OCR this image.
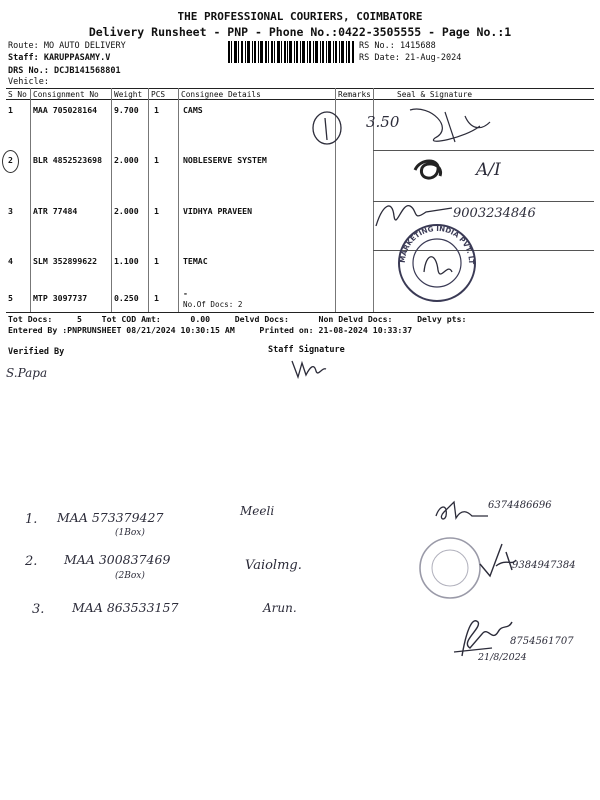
THE PROFESSIONAL COURIERS, COIMBATORE
Delivery Runsheet - PNP - Phone No.:0422-3505555 - Page No.:1
Route: MO AUTO DELIVERY
Staff: KARUPPASAMY.V
DRS No.: DCJB141568801
Vehicle:
RS No.: 1415688
RS Date: 21-Aug-2024
S No Consignment No Weight PCS Consignee Details	Remarks	Seal & Signature
1 MAA 705028164 9.700 1	CAMS
2 BLR 4852523698 2.000 1	NOBLESERVE SYSTEM
3 ATR 77484	2.000 1	VIDHYA PRAVEEN
4 SLM 352899622 1.100 1	TEMAC
5 MTP 3097737	0.250 1	-
No.Of Docs: 2
Tot Docs:     5    Tot COD Amt:      0.00     Delvd Docs:      Non Delvd Docs:     Delvy pts:
Entered By :PNPRUNSHEET 08/21/2024 10:30:15 AM     Printed on: 21-08-2024 10:33:37
Verified By	Staff Signature
3.50
A/I
9003234846
MARKETING INDIA PVT. LTD.
S.Papa
1. MAA 573379427
(1Box)
Meeli
2. MAA 300837469
(2Box)
Vaiolmg.
3. MAA 863533157	Arun.
6374486696
9384947384
21/8/2024
8754561707
